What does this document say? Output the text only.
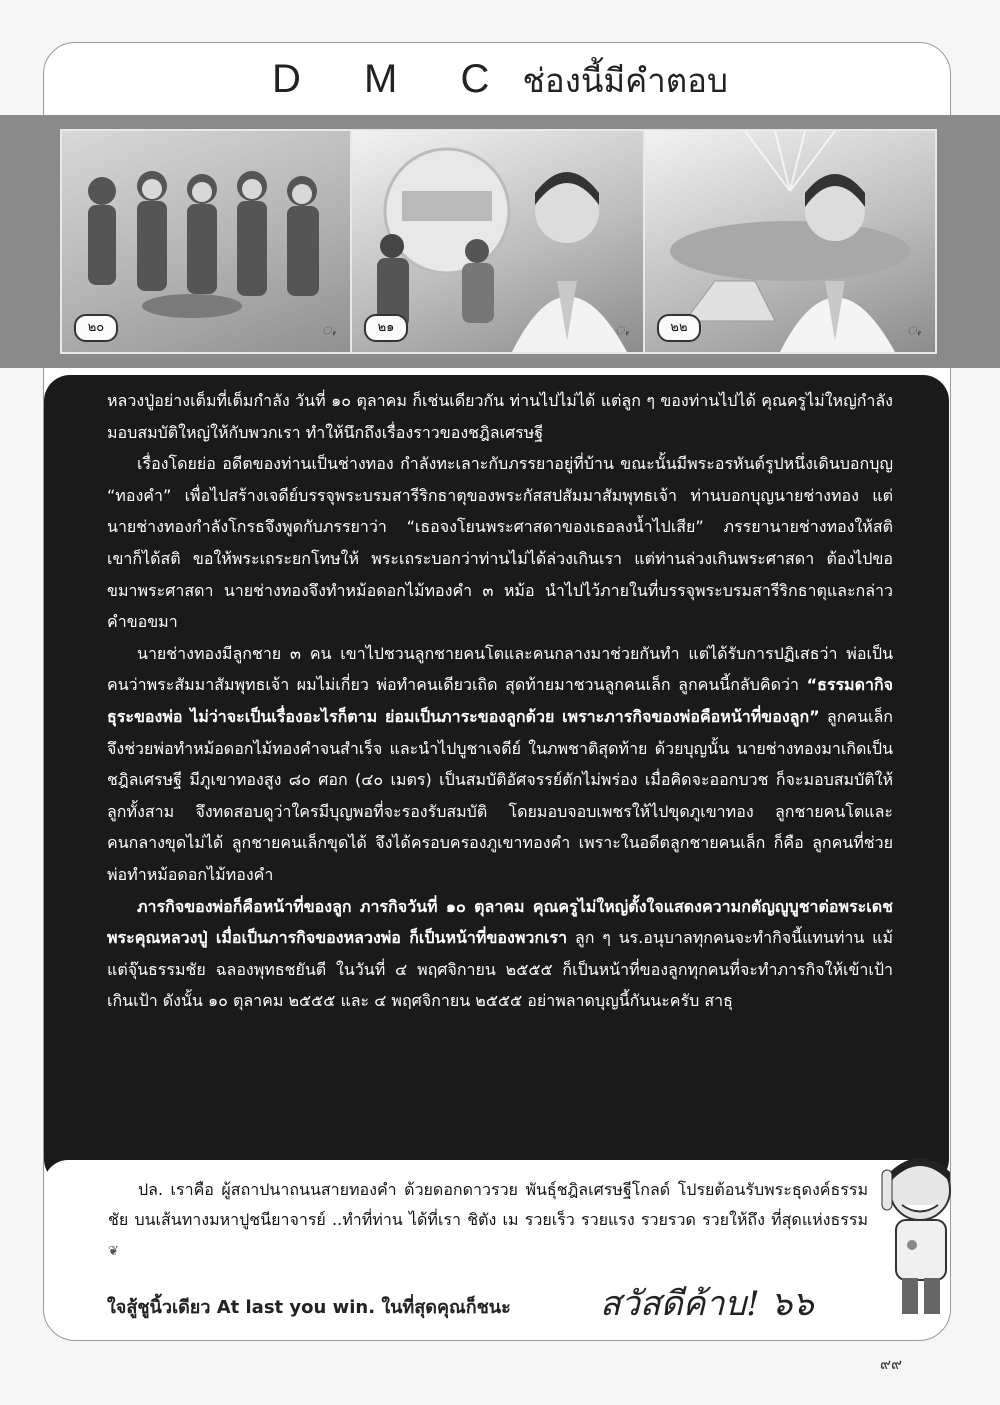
D M C ช่องนี้มีคำตอบ
๒๐	ꩻ	๒๑	ꩻ	๒๒	ꩻ

หลวงปู่อย่างเต็มที่เต็มกำลัง วันที่ ๑๐ ตุลาคม ก็เช่นเดียวกัน ท่านไปไม่ได้ แต่ลูก ๆ ของท่านไปได้ คุณครูไม่ใหญ่กำลังมอบสมบัติใหญ่ให้กับพวกเรา ทำให้นึกถึงเรื่องราวของชฎิลเศรษฐี

เรื่องโดยย่อ อดีตของท่านเป็นช่างทอง กำลังทะเลาะกับภรรยาอยู่ที่บ้าน ขณะนั้นมีพระอรหันต์รูปหนึ่งเดินบอกบุญ “ทองคำ” เพื่อไปสร้างเจดีย์บรรจุพระบรมสารีริกธาตุของพระกัสสปสัมมาสัมพุทธเจ้า ท่านบอกบุญนายช่างทอง แต่นายช่างทองกำลังโกรธจึงพูดกับภรรยาว่า “เธอจงโยนพระศาสดาของเธอลงน้ำไปเสีย” ภรรยานายช่างทองให้สติ เขาก็ได้สติ ขอให้พระเถระยกโทษให้ พระเถระบอกว่าท่านไม่ได้ล่วงเกินเรา แต่ท่านล่วงเกินพระศาสดา ต้องไปขอขมาพระศาสดา นายช่างทองจึงทำหม้อดอกไม้ทองคำ ๓ หม้อ นำไปไว้ภายในที่บรรจุพระบรมสารีริกธาตุและกล่าวคำขอขมา

นายช่างทองมีลูกชาย ๓ คน เขาไปชวนลูกชายคนโตและคนกลางมาช่วยกันทำ แต่ได้รับการปฏิเสธว่า พ่อเป็นคนว่าพระสัมมาสัมพุทธเจ้า ผมไม่เกี่ยว พ่อทำคนเดียวเถิด สุดท้ายมาชวนลูกคนเล็ก ลูกคนนี้กลับคิดว่า “ธรรมดากิจธุระของพ่อ ไม่ว่าจะเป็นเรื่องอะไรก็ตาม ย่อมเป็นภาระของลูกด้วย เพราะภารกิจของพ่อคือหน้าที่ของลูก” ลูกคนเล็กจึงช่วยพ่อทำหม้อดอกไม้ทองคำจนสำเร็จ และนำไปบูชาเจดีย์ ในภพชาติสุดท้าย ด้วยบุญนั้น นายช่างทองมาเกิดเป็นชฎิลเศรษฐี มีภูเขาทองสูง ๘๐ ศอก (๔๐ เมตร) เป็นสมบัติอัศจรรย์ตักไม่พร่อง เมื่อคิดจะออกบวช ก็จะมอบสมบัติให้ลูกทั้งสาม จึงทดสอบดูว่าใครมีบุญพอที่จะรองรับสมบัติ โดยมอบจอบเพชรให้ไปขุดภูเขาทอง ลูกชายคนโตและคนกลางขุดไม่ได้ ลูกชายคนเล็กขุดได้ จึงได้ครอบครองภูเขาทองคำ เพราะในอดีตลูกชายคนเล็ก ก็คือ ลูกคนที่ช่วยพ่อทำหม้อดอกไม้ทองคำ

ภารกิจของพ่อก็คือหน้าที่ของลูก ภารกิจวันที่ ๑๐ ตุลาคม คุณครูไม่ใหญ่ตั้งใจแสดงความกตัญญูบูชาต่อพระเดชพระคุณหลวงปู่ เมื่อเป็นภารกิจของหลวงพ่อ ก็เป็นหน้าที่ของพวกเรา ลูก ๆ นร.อนุบาลทุกคนจะทำกิจนี้แทนท่าน แม้แต่จุ๊นธรรมชัย ฉลองพุทธชยันตี ในวันที่ ๔ พฤศจิกายน ๒๕๕๕ ก็เป็นหน้าที่ของลูกทุกคนที่จะทำภารกิจให้เข้าเป้า เกินเป้า ดังนั้น ๑๐ ตุลาคม ๒๕๕๕ และ ๔ พฤศจิกายน ๒๕๕๕ อย่าพลาดบุญนี้กันนะครับ สาธุ

ปล. เราคือ ผู้สถาปนาถนนสายทองคำ ด้วยดอกดาวรวย พันธุ์ชฎิลเศรษฐีโกลด์ โปรยต้อนรับพระธุดงค์ธรรมชัย บนเส้นทางมหาปูชนียาจารย์ ..ทำที่ท่าน ได้ที่เรา ชิตัง เม รวยเร็ว รวยแรง รวยรวด รวยให้ถึง ที่สุดแห่งธรรม ❦
ใจสู้ชูนิ้วเดียว At last you win. ในที่สุดคุณก็ชนะ	สวัสดีค้าบ! ๖๖
๙๙
